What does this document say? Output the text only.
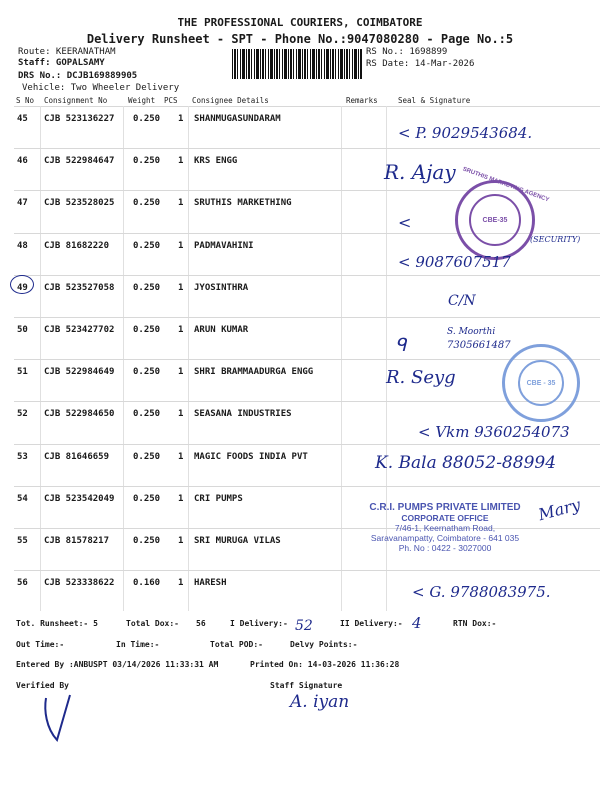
THE PROFESSIONAL COURIERS, COIMBATORE
Delivery Runsheet - SPT - Phone No.:9047080280 - Page No.:5
Route: KEERANATHAM
Staff: GOPALSAMY
DRS No.: DCJB169889905
Vehicle: Two Wheeler Delivery
RS No.: 1698899
RS Date: 14-Mar-2026
S No Consignment No	Weight PCS Consignee Details	Remarks	Seal & Signature
45 CJB 523136227 0.250 1 SHANMUGASUNDARAM
46 CJB 522984647 0.250 1 KRS ENGG
47 CJB 523528025 0.250 1 SRUTHIS MARKETHING
48 CJB 81682220	0.250 1 PADMAVAHINI
49 CJB 523527058 0.250 1 JYOSINTHRA
50 CJB 523427702 0.250 1 ARUN KUMAR
51 CJB 522984649 0.250 1 SHRI BRAMMAADURGA ENGG
52 CJB 522984650 0.250 1 SEASANA INDUSTRIES
53 CJB 81646659	0.250 1 MAGIC FOODS INDIA PVT
54 CJB 523542049 0.250 1 CRI PUMPS
55 CJB 81578217	0.250 1 SRI MURUGA VILAS
56 CJB 523338622 0.160 1 HARESH
< P. 9029543684.
R. Ajay
CBE-35
SRUTHIS MARKETING AGENCY
<
(SECURITY)
< 9087607517
C/N
S. Moorthi
7305661487
ᑫ
CBE - 35
R. Seyg
< Vkm 9360254073
K. Bala 88052-88994
C.R.I. PUMPS PRIVATE LIMITED
CORPORATE OFFICE
7/46-1, Keernatham Road,
Saravanampatty, Coimbatore - 641 035
Ph. No : 0422 - 3027000
Mary
< G. 9788083975.
Tot. Runsheet:- 5	Total Dox:- 56	I Delivery:- 52	II Delivery:- 4	RTN Dox:-
Out Time:-	In Time:-	Total POD:-	Delvy Points:-
Entered By :ANBUSPT 03/14/2026 11:33:31 AM	Printed On: 14-03-2026 11:36:28
Verified By	Staff Signature
A. iyan
